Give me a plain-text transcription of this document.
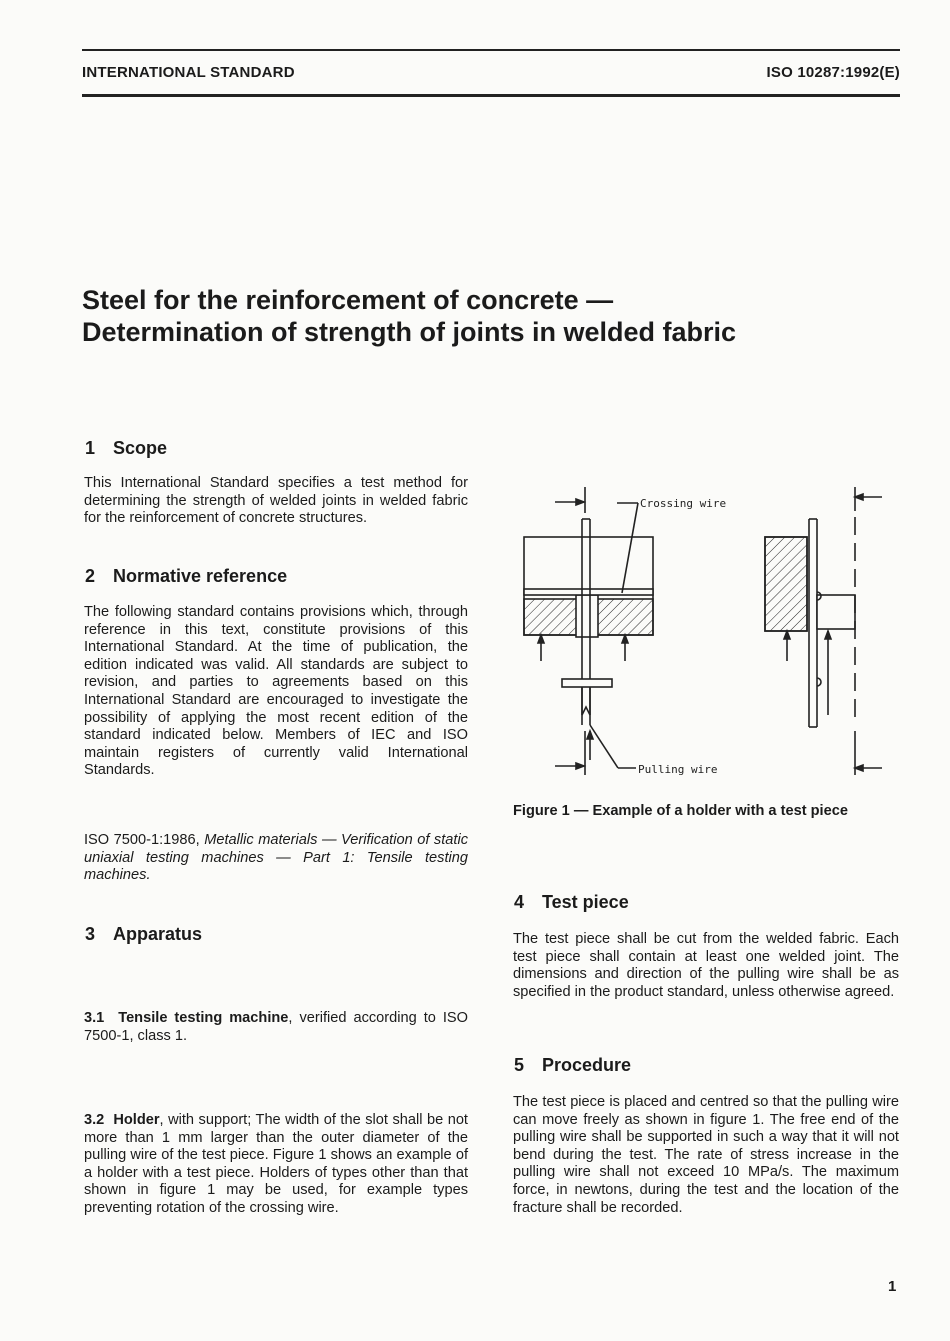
INTERNATIONAL STANDARD	ISO 10287:1992(E)
Steel for the reinforcement of concrete —
Determination of strength of joints in welded fabric
1 Scope
This International Standard specifies a test method for determining the strength of welded joints in welded fabric for the reinforcement of concrete structures.
2 Normative reference
The following standard contains provisions which, through reference in this text, constitute provisions of this International Standard. At the time of publication, the edition indicated was valid. All standards are subject to revision, and parties to agreements based on this International Standard are encouraged to investigate the possibility of applying the most recent edition of the standard indicated below. Members of IEC and ISO maintain registers of currently valid International Standards.
ISO 7500-1:1986, Metallic materials — Verification of static uniaxial testing machines — Part 1: Tensile testing machines.
3 Apparatus
3.1 Tensile testing machine, verified according to ISO 7500-1, class 1.
3.2 Holder, with support; The width of the slot shall be not more than 1 mm larger than the outer diameter of the pulling wire of the test piece. Figure 1 shows an example of a holder with a test piece. Holders of types other than that shown in figure 1 may be used, for example types preventing rotation of the crossing wire.
Crossing wire
Pulling wire
Figure 1 — Example of a holder with a test piece
4 Test piece
The test piece shall be cut from the welded fabric. Each test piece shall contain at least one welded joint. The dimensions and direction of the pulling wire shall be as specified in the product standard, unless otherwise agreed.
5 Procedure
The test piece is placed and centred so that the pulling wire can move freely as shown in figure 1. The free end of the pulling wire shall be supported in such a way that it will not bend during the test. The rate of stress increase in the pulling wire shall not exceed 10 MPa/s. The maximum force, in newtons, during the test and the location of the fracture shall be recorded.
1
